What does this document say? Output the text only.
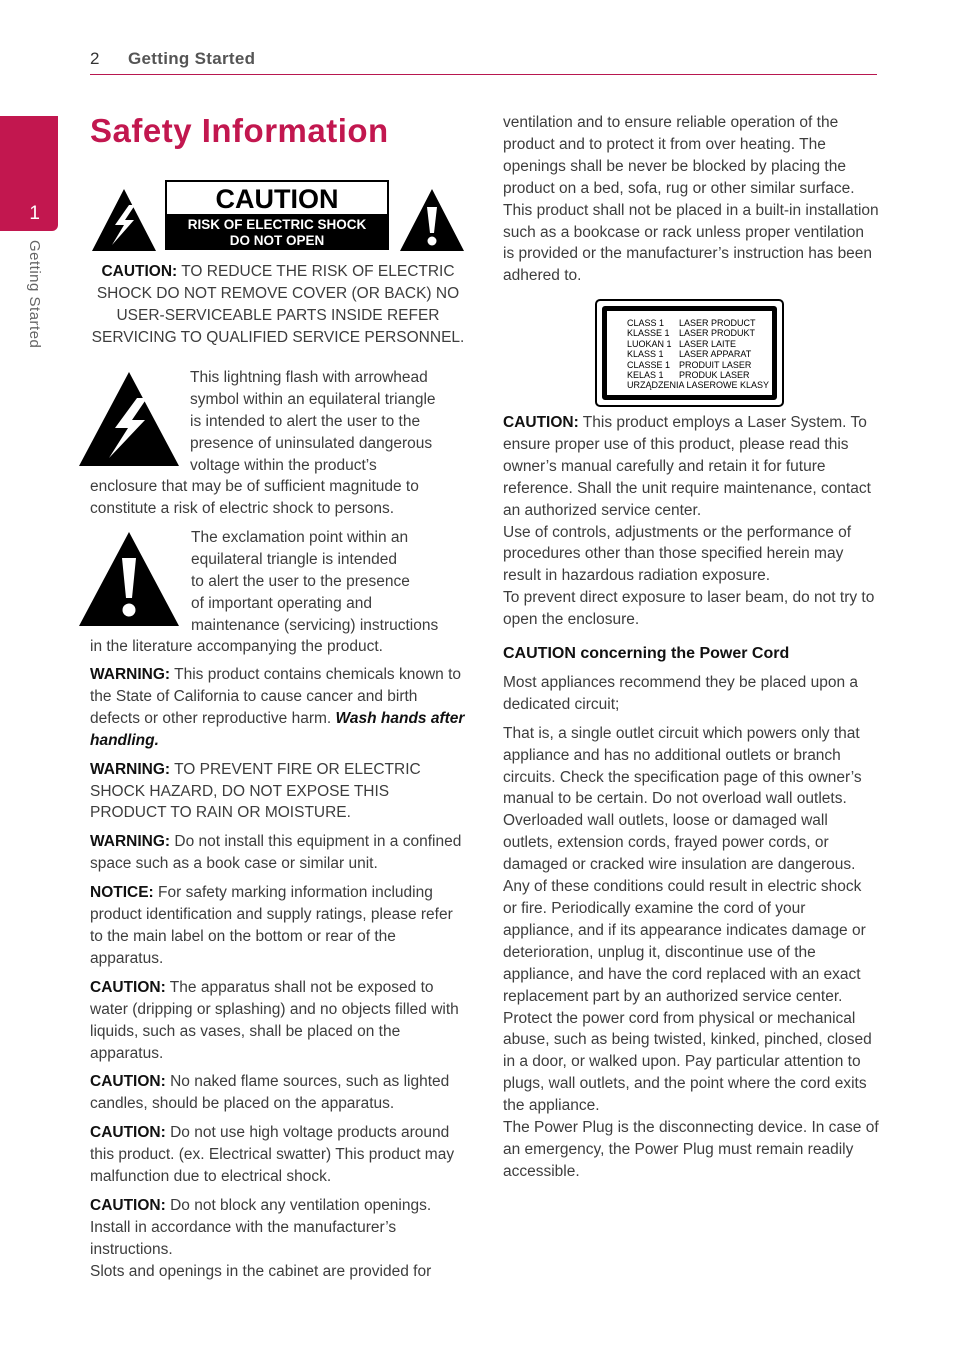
2 Getting Started
1
Getting Started
Safety Information
CAUTION
RISK OF ELECTRIC SHOCK
DO NOT OPEN

CAUTION: TO REDUCE THE RISK OF ELECTRIC SHOCK DO NOT REMOVE COVER (OR BACK) NO USER-SERVICEABLE PARTS INSIDE REFER SERVICING TO QUALIFIED SERVICE PERSONNEL.

This lightning flash with arrowhead

symbol within an equilateral triangle

is intended to alert the user to the

presence of uninsulated dangerous

voltage within the product’s

enclosure that may be of sufficient magnitude to constitute a risk of electric shock to persons.

The exclamation point within an

equilateral triangle is intended

to alert the user to the presence

of important operating and

maintenance (servicing) instructions

in the literature accompanying the product.

WARNING: This product contains chemicals known to the State of California to cause cancer and birth defects or other reproductive harm. Wash hands after handling.

WARNING: TO PREVENT FIRE OR ELECTRIC SHOCK HAZARD, DO NOT EXPOSE THIS PRODUCT TO RAIN OR MOISTURE.

WARNING: Do not install this equipment in a confined space such as a book case or similar unit.

NOTICE: For safety marking information including product identification and supply ratings, please refer to the main label on the bottom or rear of the apparatus.

CAUTION: The apparatus shall not be exposed to water (dripping or splashing) and no objects filled with liquids, such as vases, shall be placed on the apparatus.

CAUTION: No naked flame sources, such as lighted candles, should be placed on the apparatus.

CAUTION: Do not use high voltage products around this product. (ex. Electrical swatter) This product may malfunction due to electrical shock.

CAUTION: Do not block any ventilation openings. Install in accordance with the manufacturer’s instructions.

Slots and openings in the cabinet are provided for

ventilation and to ensure reliable operation of the product and to protect it from over heating. The openings shall be never be blocked by placing the product on a bed, sofa, rug or other similar surface. This product shall not be placed in a built-in installation such as a bookcase or rack unless proper ventilation is provided or the manufacturer’s instruction has been adhered to.

CLASS 1	LASER PRODUCT
KLASSE 1	LASER PRODUKT
LUOKAN 1 LASER LAITE
KLASS 1	LASER APPARAT
CLASSE 1 PRODUIT LASER
KELAS 1	PRODUK LASER
URZĄDZENIA LASEROWE KLASY 1

CAUTION: This product employs a Laser System. To ensure proper use of this product, please read this owner’s manual carefully and retain it for future reference. Shall the unit require maintenance, contact an authorized service center.

Use of controls, adjustments or the performance of procedures other than those specified herein may result in hazardous radiation exposure.

To prevent direct exposure to laser beam, do not try to open the enclosure.

CAUTION concerning the Power Cord

Most appliances recommend they be placed upon a dedicated circuit;

That is, a single outlet circuit which powers only that appliance and has no additional outlets or branch circuits. Check the specification page of this owner’s manual to be certain. Do not overload wall outlets. Overloaded wall outlets, loose or damaged wall outlets, extension cords, frayed power cords, or damaged or cracked wire insulation are dangerous. Any of these conditions could result in electric shock or fire. Periodically examine the cord of your appliance, and if its appearance indicates damage or deterioration, unplug it, discontinue use of the appliance, and have the cord replaced with an exact replacement part by an authorized service center. Protect the power cord from physical or mechanical abuse, such as being twisted, kinked, pinched, closed in a door, or walked upon. Pay particular attention to plugs, wall outlets, and the point where the cord exits the appliance.

The Power Plug is the disconnecting device. In case of an emergency, the Power Plug must remain readily accessible.
